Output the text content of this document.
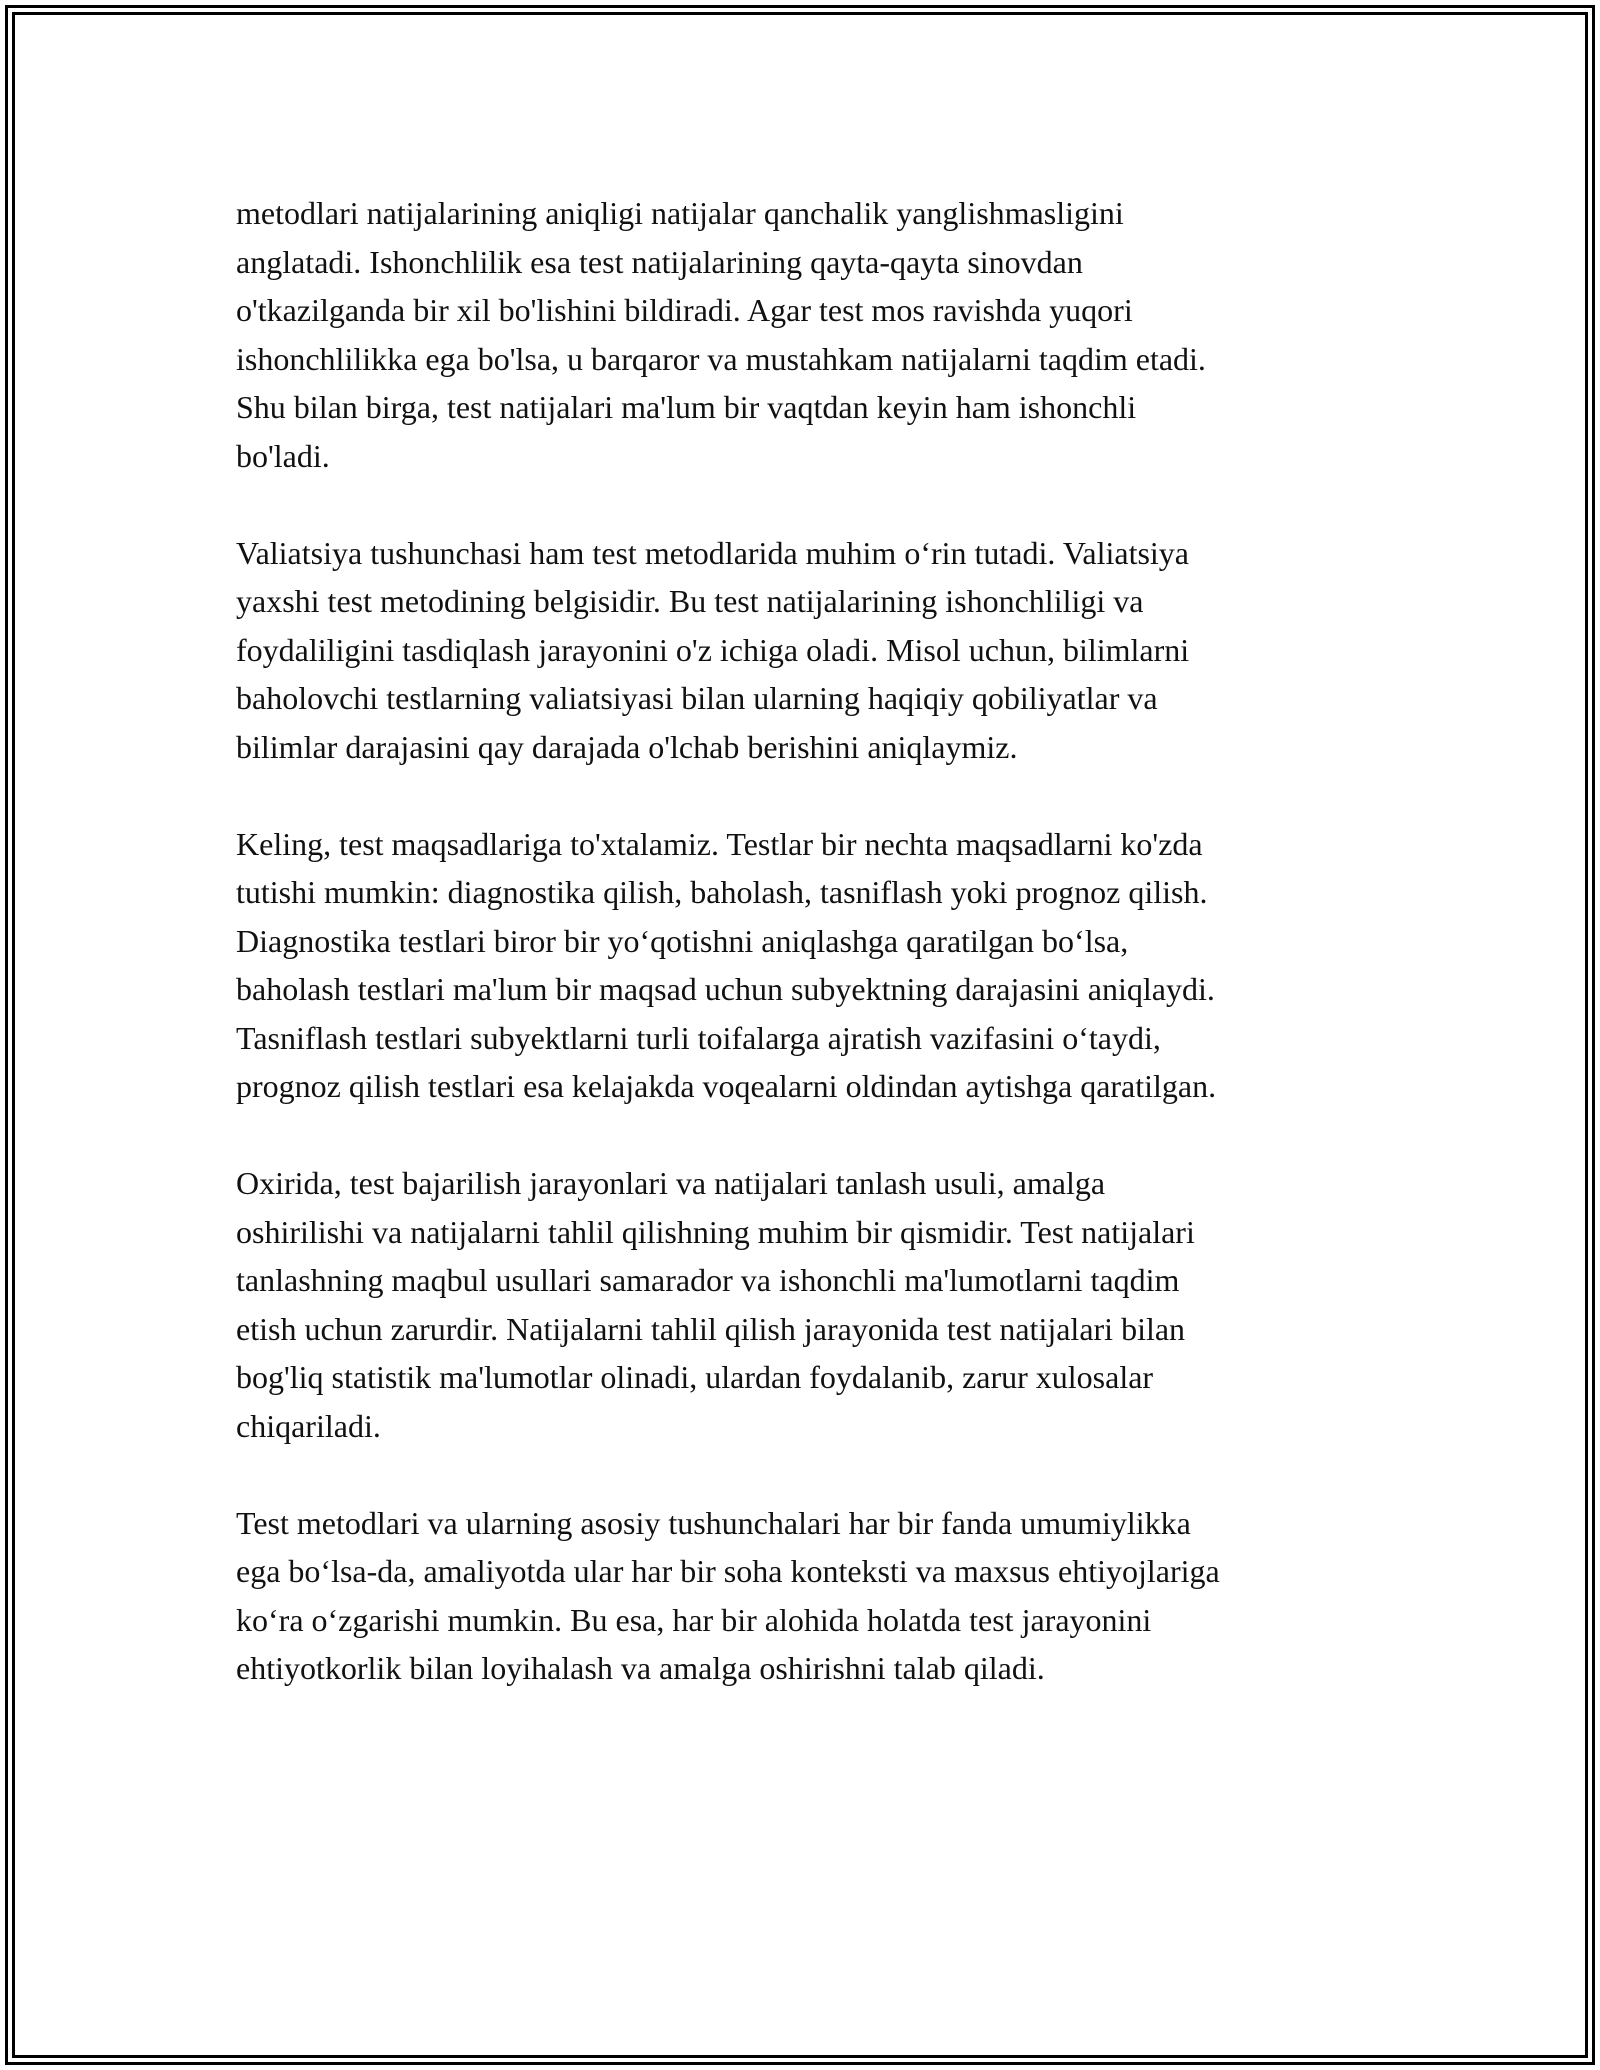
metodlari natijalarining aniqligi natijalar qanchalik yanglishmasligini
anglatadi. Ishonchlilik esa test natijalarining qayta-qayta sinovdan
o'tkazilganda bir xil bo'lishini bildiradi. Agar test mos ravishda yuqori
ishonchlilikka ega bo'lsa, u barqaror va mustahkam natijalarni taqdim etadi.
Shu bilan birga, test natijalari ma'lum bir vaqtdan keyin ham ishonchli
bo'ladi.

Valiatsiya tushunchasi ham test metodlarida muhim o‘rin tutadi. Valiatsiya
yaxshi test metodining belgisidir. Bu test natijalarining ishonchliligi va
foydaliligini tasdiqlash jarayonini o'z ichiga oladi. Misol uchun, bilimlarni
baholovchi testlarning valiatsiyasi bilan ularning haqiqiy qobiliyatlar va
bilimlar darajasini qay darajada o'lchab berishini aniqlaymiz.

Keling, test maqsadlariga to'xtalamiz. Testlar bir nechta maqsadlarni ko'zda
tutishi mumkin: diagnostika qilish, baholash, tasniflash yoki prognoz qilish.
Diagnostika testlari biror bir yo‘qotishni aniqlashga qaratilgan bo‘lsa,
baholash testlari ma'lum bir maqsad uchun subyektning darajasini aniqlaydi.
Tasniflash testlari subyektlarni turli toifalarga ajratish vazifasini o‘taydi,
prognoz qilish testlari esa kelajakda voqealarni oldindan aytishga qaratilgan.

Oxirida, test bajarilish jarayonlari va natijalari tanlash usuli, amalga
oshirilishi va natijalarni tahlil qilishning muhim bir qismidir. Test natijalari
tanlashning maqbul usullari samarador va ishonchli ma'lumotlarni taqdim
etish uchun zarurdir. Natijalarni tahlil qilish jarayonida test natijalari bilan
bog'liq statistik ma'lumotlar olinadi, ulardan foydalanib, zarur xulosalar
chiqariladi.

Test metodlari va ularning asosiy tushunchalari har bir fanda umumiylikka
ega bo‘lsa-da, amaliyotda ular har bir soha konteksti va maxsus ehtiyojlariga
ko‘ra o‘zgarishi mumkin. Bu esa, har bir alohida holatda test jarayonini
ehtiyotkorlik bilan loyihalash va amalga oshirishni talab qiladi.
